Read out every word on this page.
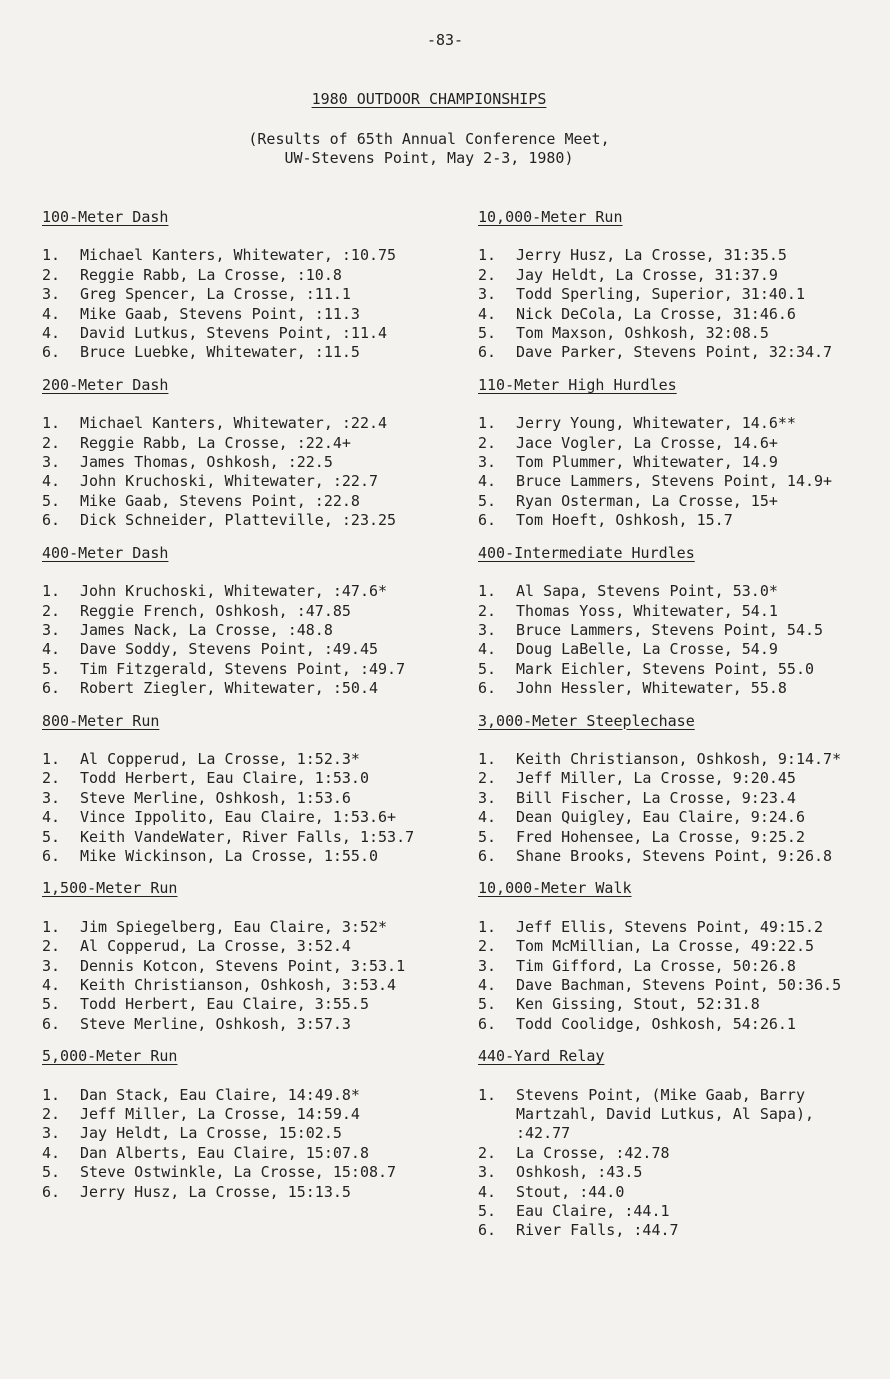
-83-
1980 OUTDOOR CHAMPIONSHIPS
(Results of 65th Annual Conference Meet,
UW-Stevens Point, May 2-3, 1980)
100-Meter Dash
1.	Michael Kanters, Whitewater, :10.75
2.	Reggie Rabb, La Crosse, :10.8
3.	Greg Spencer, La Crosse, :11.1
4.	Mike Gaab, Stevens Point, :11.3
4.	David Lutkus, Stevens Point, :11.4
6.	Bruce Luebke, Whitewater, :11.5
200-Meter Dash
1.	Michael Kanters, Whitewater, :22.4
2.	Reggie Rabb, La Crosse, :22.4+
3.	James Thomas, Oshkosh, :22.5
4.	John Kruchoski, Whitewater, :22.7
5.	Mike Gaab, Stevens Point, :22.8
6.	Dick Schneider, Platteville, :23.25
400-Meter Dash
1.	John Kruchoski, Whitewater, :47.6*
2.	Reggie French, Oshkosh, :47.85
3.	James Nack, La Crosse, :48.8
4.	Dave Soddy, Stevens Point, :49.45
5.	Tim Fitzgerald, Stevens Point, :49.7
6.	Robert Ziegler, Whitewater, :50.4
800-Meter Run
1.	Al Copperud, La Crosse, 1:52.3*
2.	Todd Herbert, Eau Claire, 1:53.0
3.	Steve Merline, Oshkosh, 1:53.6
4.	Vince Ippolito, Eau Claire, 1:53.6+
5.	Keith VandeWater, River Falls, 1:53.7
6.	Mike Wickinson, La Crosse, 1:55.0
1,500-Meter Run
1.	Jim Spiegelberg, Eau Claire, 3:52*
2.	Al Copperud, La Crosse, 3:52.4
3.	Dennis Kotcon, Stevens Point, 3:53.1
4.	Keith Christianson, Oshkosh, 3:53.4
5.	Todd Herbert, Eau Claire, 3:55.5
6.	Steve Merline, Oshkosh, 3:57.3
5,000-Meter Run
1.	Dan Stack, Eau Claire, 14:49.8*
2.	Jeff Miller, La Crosse, 14:59.4
3.	Jay Heldt, La Crosse, 15:02.5
4.	Dan Alberts, Eau Claire, 15:07.8
5.	Steve Ostwinkle, La Crosse, 15:08.7
6.	Jerry Husz, La Crosse, 15:13.5
10,000-Meter Run
1.	Jerry Husz, La Crosse, 31:35.5
2.	Jay Heldt, La Crosse, 31:37.9
3.	Todd Sperling, Superior, 31:40.1
4.	Nick DeCola, La Crosse, 31:46.6
5.	Tom Maxson, Oshkosh, 32:08.5
6.	Dave Parker, Stevens Point, 32:34.7
110-Meter High Hurdles
1.	Jerry Young, Whitewater, 14.6**
2.	Jace Vogler, La Crosse, 14.6+
3.	Tom Plummer, Whitewater, 14.9
4.	Bruce Lammers, Stevens Point, 14.9+
5.	Ryan Osterman, La Crosse, 15+
6.	Tom Hoeft, Oshkosh, 15.7
400-Intermediate Hurdles
1.	Al Sapa, Stevens Point, 53.0*
2.	Thomas Yoss, Whitewater, 54.1
3.	Bruce Lammers, Stevens Point, 54.5
4.	Doug LaBelle, La Crosse, 54.9
5.	Mark Eichler, Stevens Point, 55.0
6.	John Hessler, Whitewater, 55.8
3,000-Meter Steeplechase
1.	Keith Christianson, Oshkosh, 9:14.7*
2.	Jeff Miller, La Crosse, 9:20.45
3.	Bill Fischer, La Crosse, 9:23.4
4.	Dean Quigley, Eau Claire, 9:24.6
5.	Fred Hohensee, La Crosse, 9:25.2
6.	Shane Brooks, Stevens Point, 9:26.8
10,000-Meter Walk
1.	Jeff Ellis, Stevens Point, 49:15.2
2.	Tom McMillian, La Crosse, 49:22.5
3.	Tim Gifford, La Crosse, 50:26.8
4.	Dave Bachman, Stevens Point, 50:36.5
5.	Ken Gissing, Stout, 52:31.8
6.	Todd Coolidge, Oshkosh, 54:26.1
440-Yard Relay
1.	Stevens Point, (Mike Gaab, Barry
Martzahl, David Lutkus, Al Sapa),
:42.77
2.	La Crosse, :42.78
3.	Oshkosh, :43.5
4.	Stout, :44.0
5.	Eau Claire, :44.1
6.	River Falls, :44.7
